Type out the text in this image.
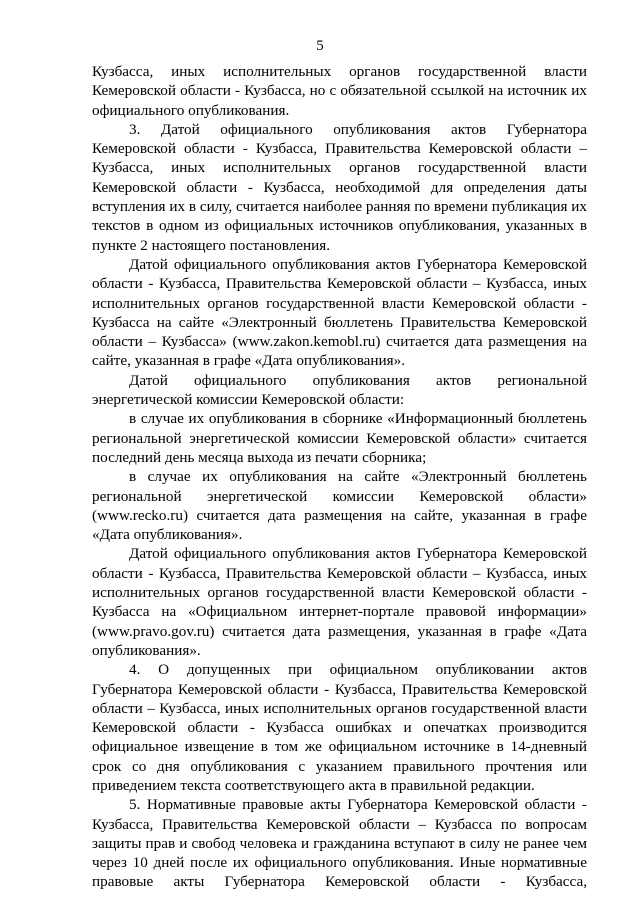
5

Кузбасса, иных исполнительных органов государственной власти Кемеровской области - Кузбасса, но с обязательной ссылкой на источник их официального опубликования.

3. Датой официального опубликования актов Губернатора Кемеровской области - Кузбасса, Правительства Кемеровской области – Кузбасса, иных исполнительных органов государственной власти Кемеровской области - Кузбасса, необходимой для определения даты вступления их в силу, считается наиболее ранняя по времени публикация их текстов в одном из официальных источников опубликования, указанных в пункте 2 настоящего постановления.

Датой официального опубликования актов Губернатора Кемеровской области - Кузбасса, Правительства Кемеровской области – Кузбасса, иных исполнительных органов государственной власти Кемеровской области - Кузбасса на сайте «Электронный бюллетень Правительства Кемеровской области – Кузбасса» (www.zakon.kemobl.ru) считается дата размещения на сайте, указанная в графе «Дата опубликования».

Датой официального опубликования актов региональной энергетической комиссии Кемеровской области:

в случае их опубликования в сборнике «Информационный бюллетень региональной энергетической комиссии Кемеровской области» считается последний день месяца выхода из печати сборника;

в случае их опубликования на сайте «Электронный бюллетень региональной энергетической комиссии Кемеровской области» (www.recko.ru) считается дата размещения на сайте, указанная в графе «Дата опубликования».

Датой официального опубликования актов Губернатора Кемеровской области - Кузбасса, Правительства Кемеровской области – Кузбасса, иных исполнительных органов государственной власти Кемеровской области - Кузбасса на «Официальном интернет-портале правовой информации» (www.pravo.gov.ru) считается дата размещения, указанная в графе «Дата опубликования».

4. О допущенных при официальном опубликовании актов Губернатора Кемеровской области - Кузбасса, Правительства Кемеровской области – Кузбасса, иных исполнительных органов государственной власти Кемеровской области - Кузбасса ошибках и опечатках производится официальное извещение в том же официальном источнике в 14-дневный срок со дня опубликования с указанием правильного прочтения или приведением текста соответствующего акта в правильной редакции.

5. Нормативные правовые акты Губернатора Кемеровской области - Кузбасса, Правительства Кемеровской области – Кузбасса по вопросам защиты прав и свобод человека и гражданина вступают в силу не ранее чем через 10 дней после их официального опубликования. Иные нормативные правовые акты Губернатора Кемеровской области - Кузбасса,
